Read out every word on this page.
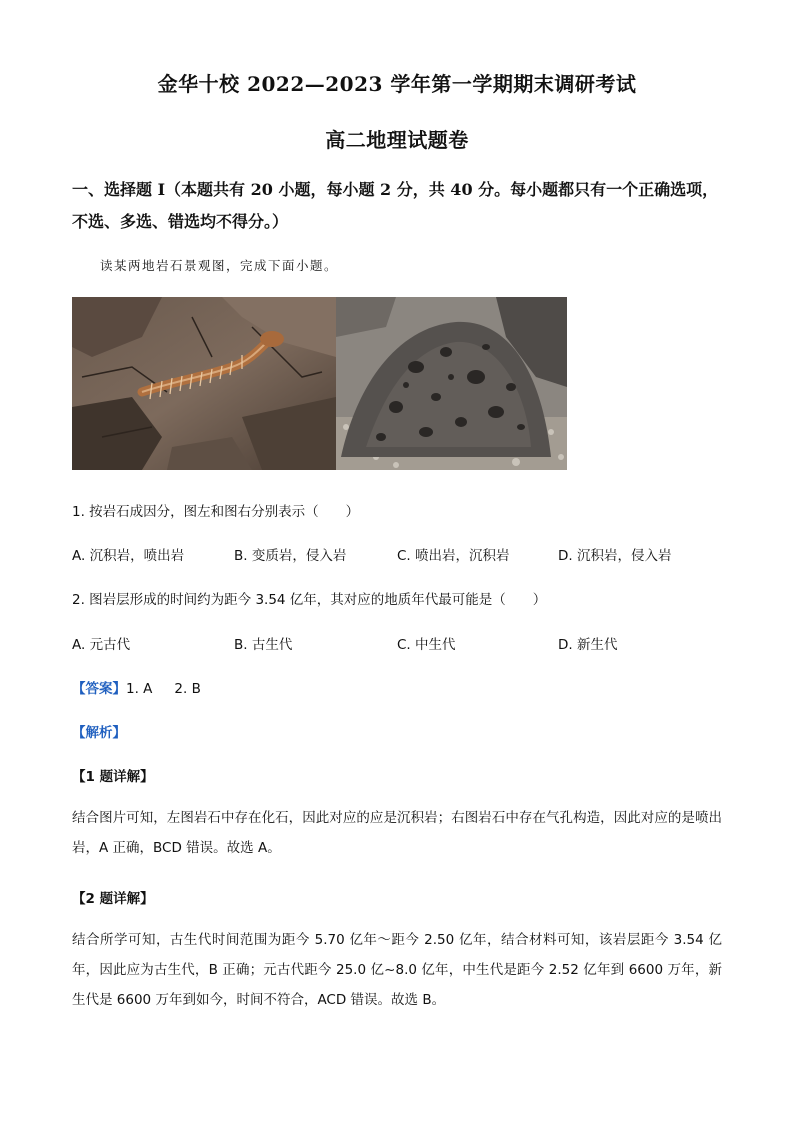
金华十校 2022—2023 学年第一学期期末调研考试
高二地理试题卷
一、选择题 I（本题共有 20 小题，每小题 2 分，共 40 分。每小题都只有一个正确选项，不选、多选、错选均不得分。）
读某两地岩石景观图，完成下面小题。
1. 按岩石成因分，图左和图右分别表示（　　）
A. 沉积岩，喷出岩	B. 变质岩，侵入岩	C. 喷出岩，沉积岩	D. 沉积岩，侵入岩
2. 图岩层形成的时间约为距今 3.54 亿年，其对应的地质年代最可能是（　　）
A. 元古代	B. 古生代	C. 中生代	D. 新生代
【答案】1. A 2. B
【解析】
【1 题详解】
结合图片可知，左图岩石中存在化石，因此对应的应是沉积岩；右图岩石中存在气孔构造，因此对应的是喷出岩，A 正确，BCD 错误。故选 A。
【2 题详解】
结合所学可知，古生代时间范围为距今 5.70 亿年～距今 2.50 亿年，结合材料可知，该岩层距今 3.54 亿年，因此应为古生代，B 正确；元古代距今 25.0 亿~8.0 亿年，中生代是距今 2.52 亿年到 6600 万年，新生代是 6600 万年到如今，时间不符合，ACD 错误。故选 B。
